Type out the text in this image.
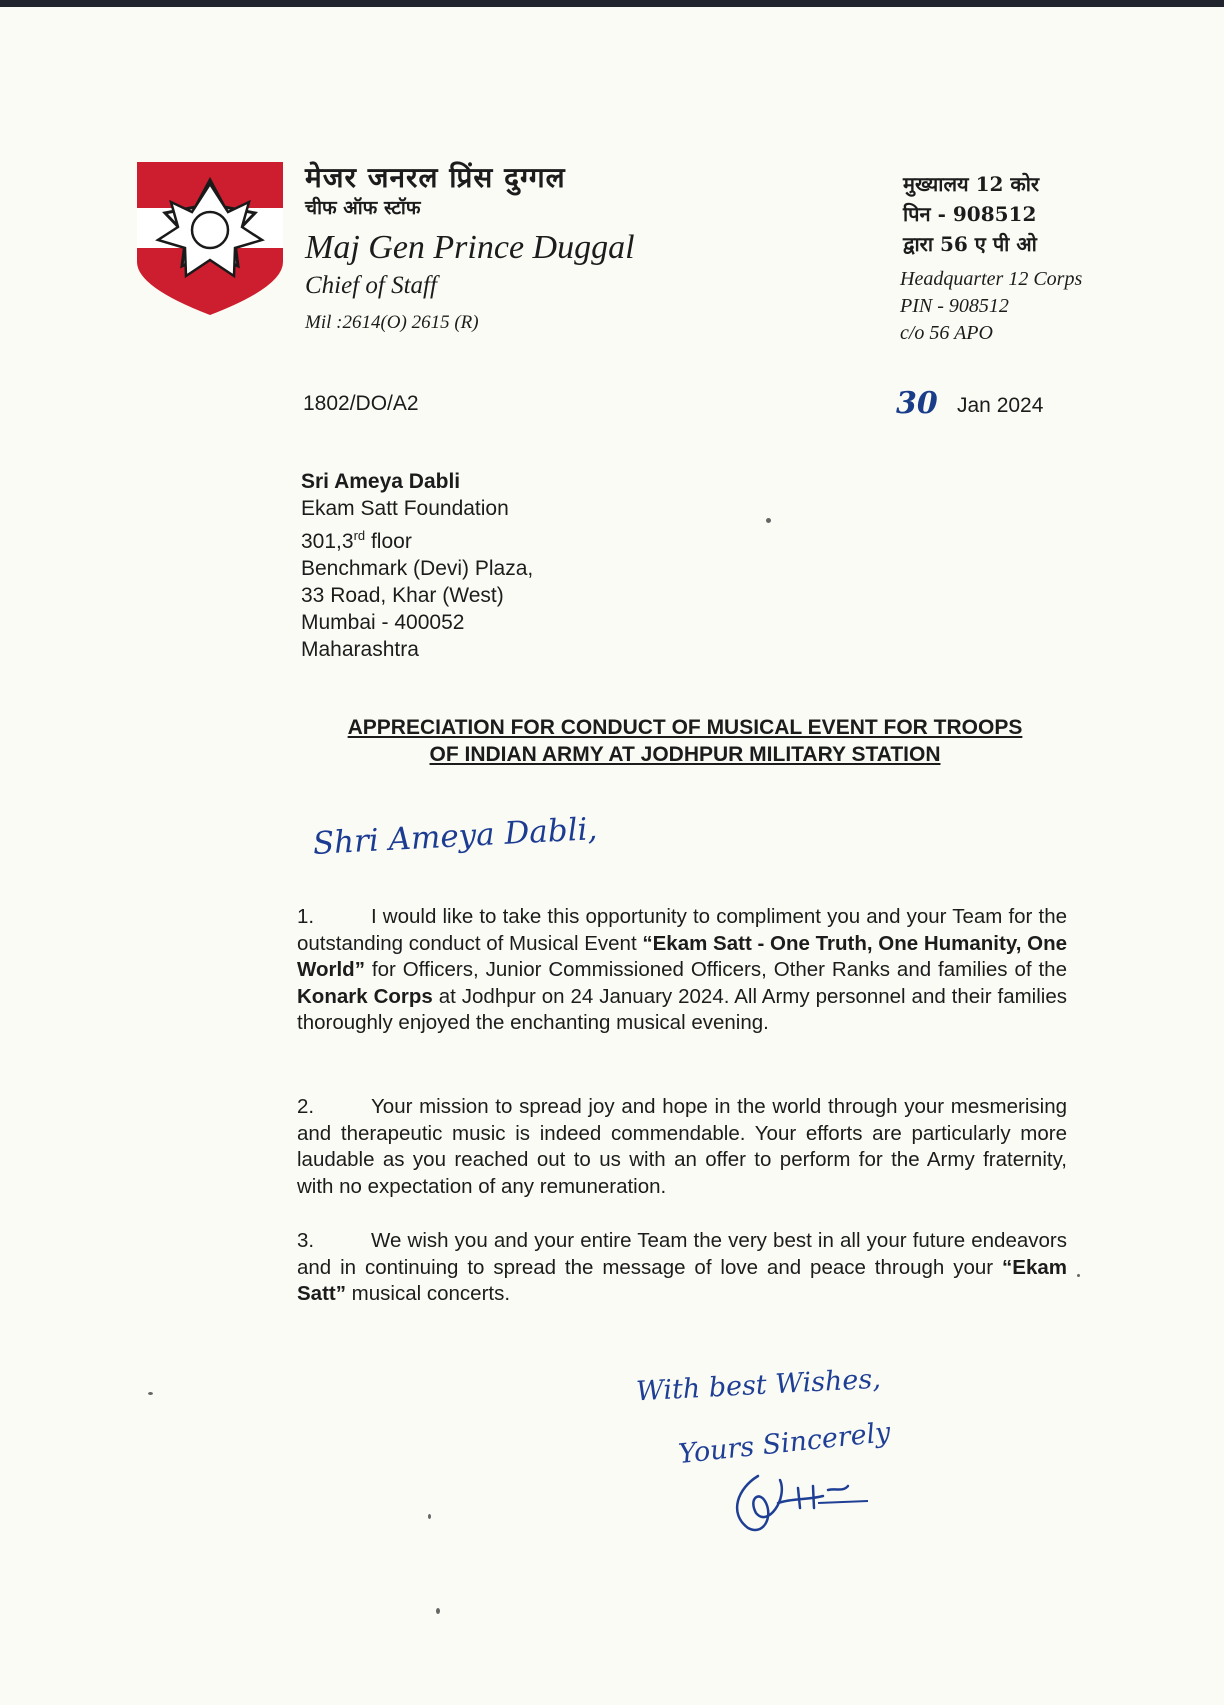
मेजर जनरल प्रिंस दुग्गल
चीफ ऑफ स्टॉफ
Maj Gen Prince Duggal
Chief of Staff
Mil :2614(O) 2615 (R)
मुख्यालय 12 कोर
पिन - 908512
द्वारा 56 ए पी ओ
Headquarter 12 Corps
PIN - 908512
c/o 56 APO
1802/DO/A2	30 Jan 2024
Sri Ameya Dabli
Ekam Satt Foundation
301,3rd floor
Benchmark (Devi) Plaza,
33 Road, Khar (West)
Mumbai - 400052
Maharashtra
APPRECIATION FOR CONDUCT OF MUSICAL EVENT FOR TROOPS
OF INDIAN ARMY AT JODHPUR MILITARY STATION
Shri Ameya Dabli,
1.	I would like to take this opportunity to compliment you and your Team for the outstanding conduct of Musical Event “Ekam Satt - One Truth, One Humanity, One World” for Officers, Junior Commissioned Officers, Other Ranks and families of the Konark Corps at Jodhpur on 24 January 2024. All Army personnel and their families thoroughly enjoyed the enchanting musical evening.
2.	Your mission to spread joy and hope in the world through your mesmerising and therapeutic music is indeed commendable. Your efforts are particularly more laudable as you reached out to us with an offer to perform for the Army fraternity, with no expectation of any remuneration.
3.	We wish you and your entire Team the very best in all your future endeavors and in continuing to spread the message of love and peace through your “Ekam Satt” musical concerts.
With best Wishes,
Yours Sincerely
